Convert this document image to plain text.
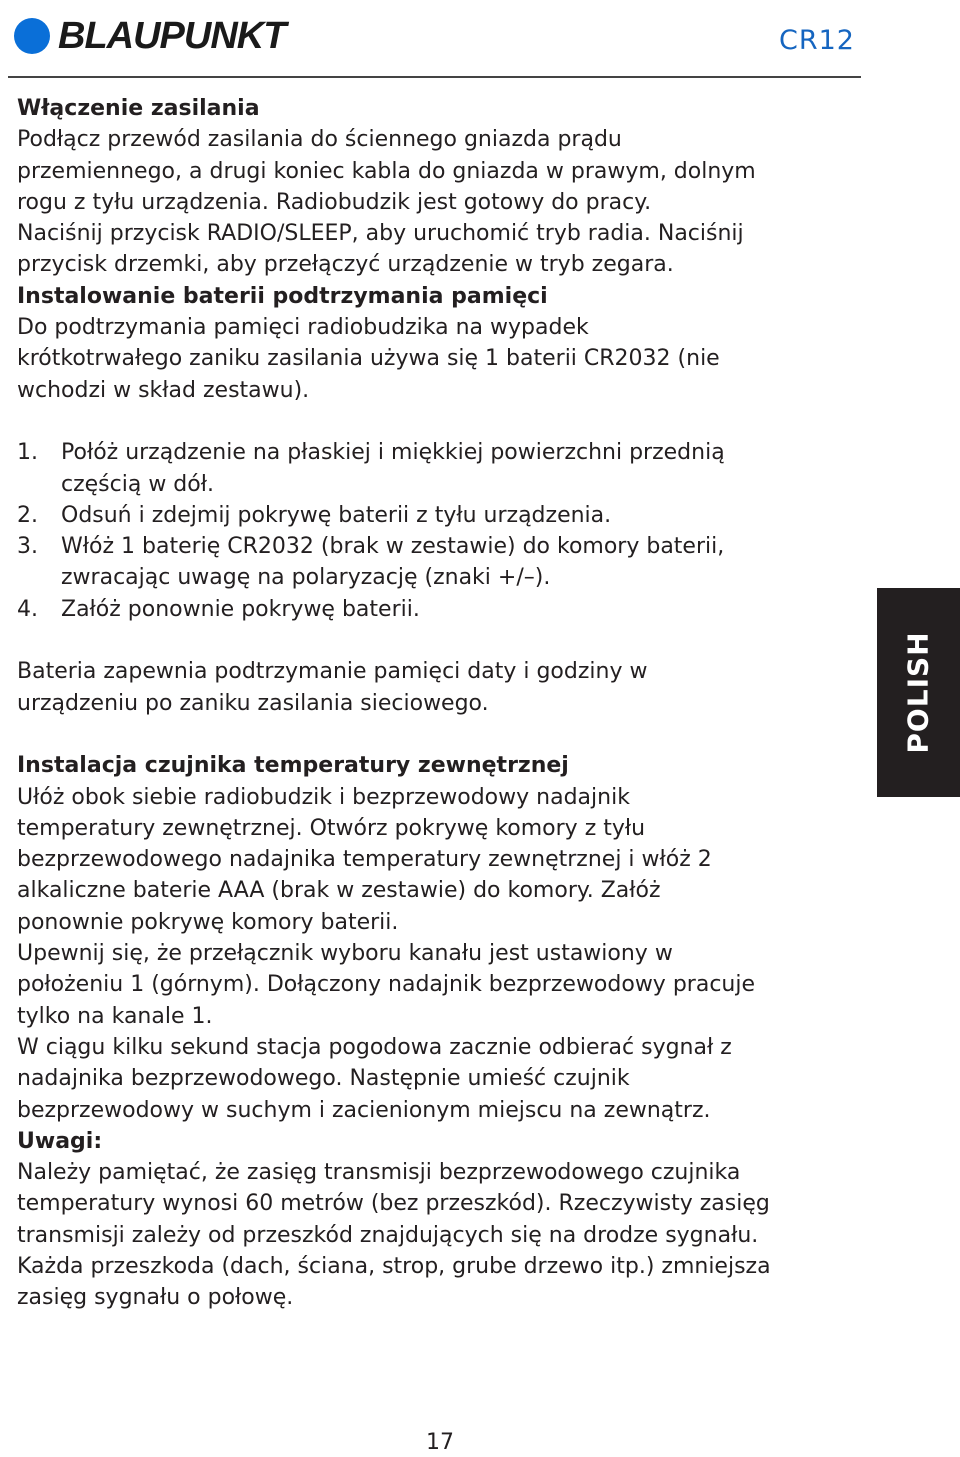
BLAUPUNKT	CR12

Włączenie zasilania

Podłącz przewód zasilania do ściennego gniazda prądu

przemiennego, a drugi koniec kabla do gniazda w prawym, dolnym

rogu z tyłu urządzenia. Radiobudzik jest gotowy do pracy.

Naciśnij przycisk RADIO/SLEEP, aby uruchomić tryb radia. Naciśnij

przycisk drzemki, aby przełączyć urządzenie w tryb zegara.

Instalowanie baterii podtrzymania pamięci

Do podtrzymania pamięci radiobudzika na wypadek

krótkotrwałego zaniku zasilania używa się 1 baterii CR2032 (nie

wchodzi w skład zestawu).

1.	Połóż urządzenie na płaskiej i miękkiej powierzchni przednią

częścią w dół.

2.	Odsuń i zdejmij pokrywę baterii z tyłu urządzenia.

3.	Włóż 1 baterię CR2032 (brak w zestawie) do komory baterii,

zwracając uwagę na polaryzację (znaki +/–).

4.	Załóż ponownie pokrywę baterii.

Bateria zapewnia podtrzymanie pamięci daty i godziny w

urządzeniu po zaniku zasilania sieciowego.

Instalacja czujnika temperatury zewnętrznej

Ułóż obok siebie radiobudzik i bezprzewodowy nadajnik

temperatury zewnętrznej. Otwórz pokrywę komory z tyłu

bezprzewodowego nadajnika temperatury zewnętrznej i włóż 2

alkaliczne baterie AAA (brak w zestawie) do komory. Załóż

ponownie pokrywę komory baterii.

Upewnij się, że przełącznik wyboru kanału jest ustawiony w

położeniu 1 (górnym). Dołączony nadajnik bezprzewodowy pracuje

tylko na kanale 1.

W ciągu kilku sekund stacja pogodowa zacznie odbierać sygnał z

nadajnika bezprzewodowego. Następnie umieść czujnik

bezprzewodowy w suchym i zacienionym miejscu na zewnątrz.

Uwagi:

Należy pamiętać, że zasięg transmisji bezprzewodowego czujnika

temperatury wynosi 60 metrów (bez przeszkód). Rzeczywisty zasięg

transmisji zależy od przeszkód znajdujących się na drodze sygnału.

Każda przeszkoda (dach, ściana, strop, grube drzewo itp.) zmniejsza

zasięg sygnału o połowę.

POLISH
17
